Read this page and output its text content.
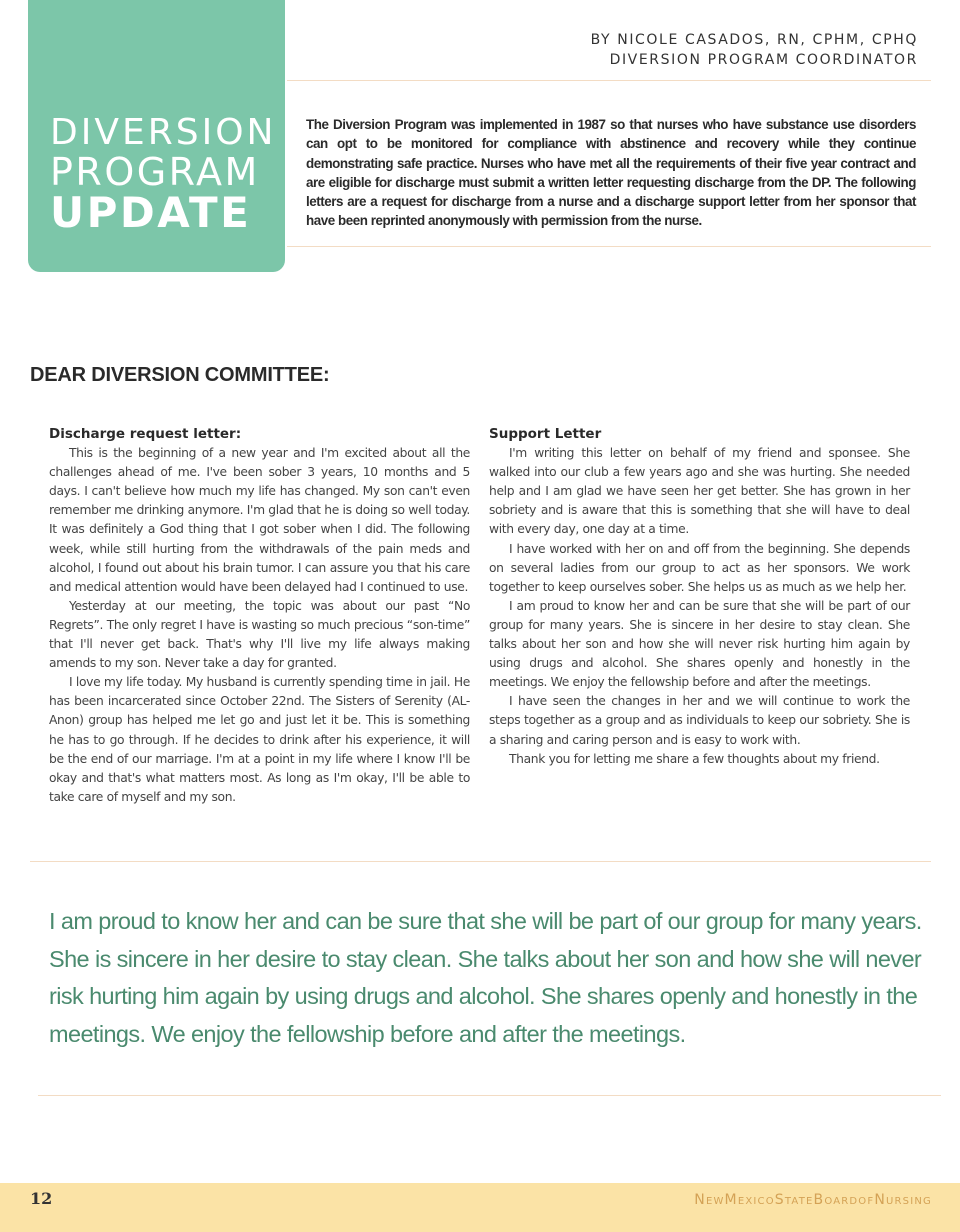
DIVERSION
PROGRAM
UPDATE
BY NICOLE CASADOS, RN, CPHM, CPHQ
DIVERSION PROGRAM COORDINATOR
The Diversion Program was implemented in 1987 so that nurses who have substance use disorders can opt to be monitored for compliance with abstinence and recovery while they continue demonstrating safe practice. Nurses who have met all the requirements of their five year contract and are eligible for discharge must submit a written letter requesting discharge from the DP. The following letters are a request for discharge from a nurse and a discharge support letter from her sponsor that have been reprinted anonymously with permission from the nurse.
DEAR DIVERSION COMMITTEE:
Discharge request letter:

This is the beginning of a new year and I'm excited about all the challenges ahead of me. I've been sober 3 years, 10 months and 5 days. I can't believe how much my life has changed. My son can't even remember me drinking anymore. I'm glad that he is doing so well today. It was definitely a God thing that I got sober when I did. The following week, while still hurting from the withdrawals of the pain meds and alcohol, I found out about his brain tumor. I can assure you that his care and medical attention would have been delayed had I continued to use.

Yesterday at our meeting, the topic was about our past “No Regrets”. The only regret I have is wasting so much precious “son-time” that I'll never get back. That's why I'll live my life always making amends to my son. Never take a day for granted.

I love my life today. My husband is currently spending time in jail. He has been incarcerated since October 22nd. The Sisters of Serenity (AL-Anon) group has helped me let go and just let it be. This is something he has to go through. If he decides to drink after his experience, it will be the end of our marriage. I'm at a point in my life where I know I'll be okay and that's what matters most. As long as I'm okay, I'll be able to take care of myself and my son.

Support Letter

I'm writing this letter on behalf of my friend and sponsee. She walked into our club a few years ago and she was hurting. She needed help and I am glad we have seen her get better. She has grown in her sobriety and is aware that this is something that she will have to deal with every day, one day at a time.

I have worked with her on and off from the beginning. She depends on several ladies from our group to act as her sponsors. We work together to keep ourselves sober. She helps us as much as we help her.

I am proud to know her and can be sure that she will be part of our group for many years. She is sincere in her desire to stay clean. She talks about her son and how she will never risk hurting him again by using drugs and alcohol. She shares openly and honestly in the meetings. We enjoy the fellowship before and after the meetings.

I have seen the changes in her and we will continue to work the steps together as a group and as individuals to keep our sobriety. She is a sharing and caring person and is easy to work with.

Thank you for letting me share a few thoughts about my friend.

I am proud to know her and can be sure that she will be part of our group for many years. She is sincere in her desire to stay clean. She talks about her son and how she will never risk hurting him again by using drugs and alcohol. She shares openly and honestly in the meetings. We enjoy the fellowship before and after the meetings.
12	NewMexicoStateBoardofNursing
